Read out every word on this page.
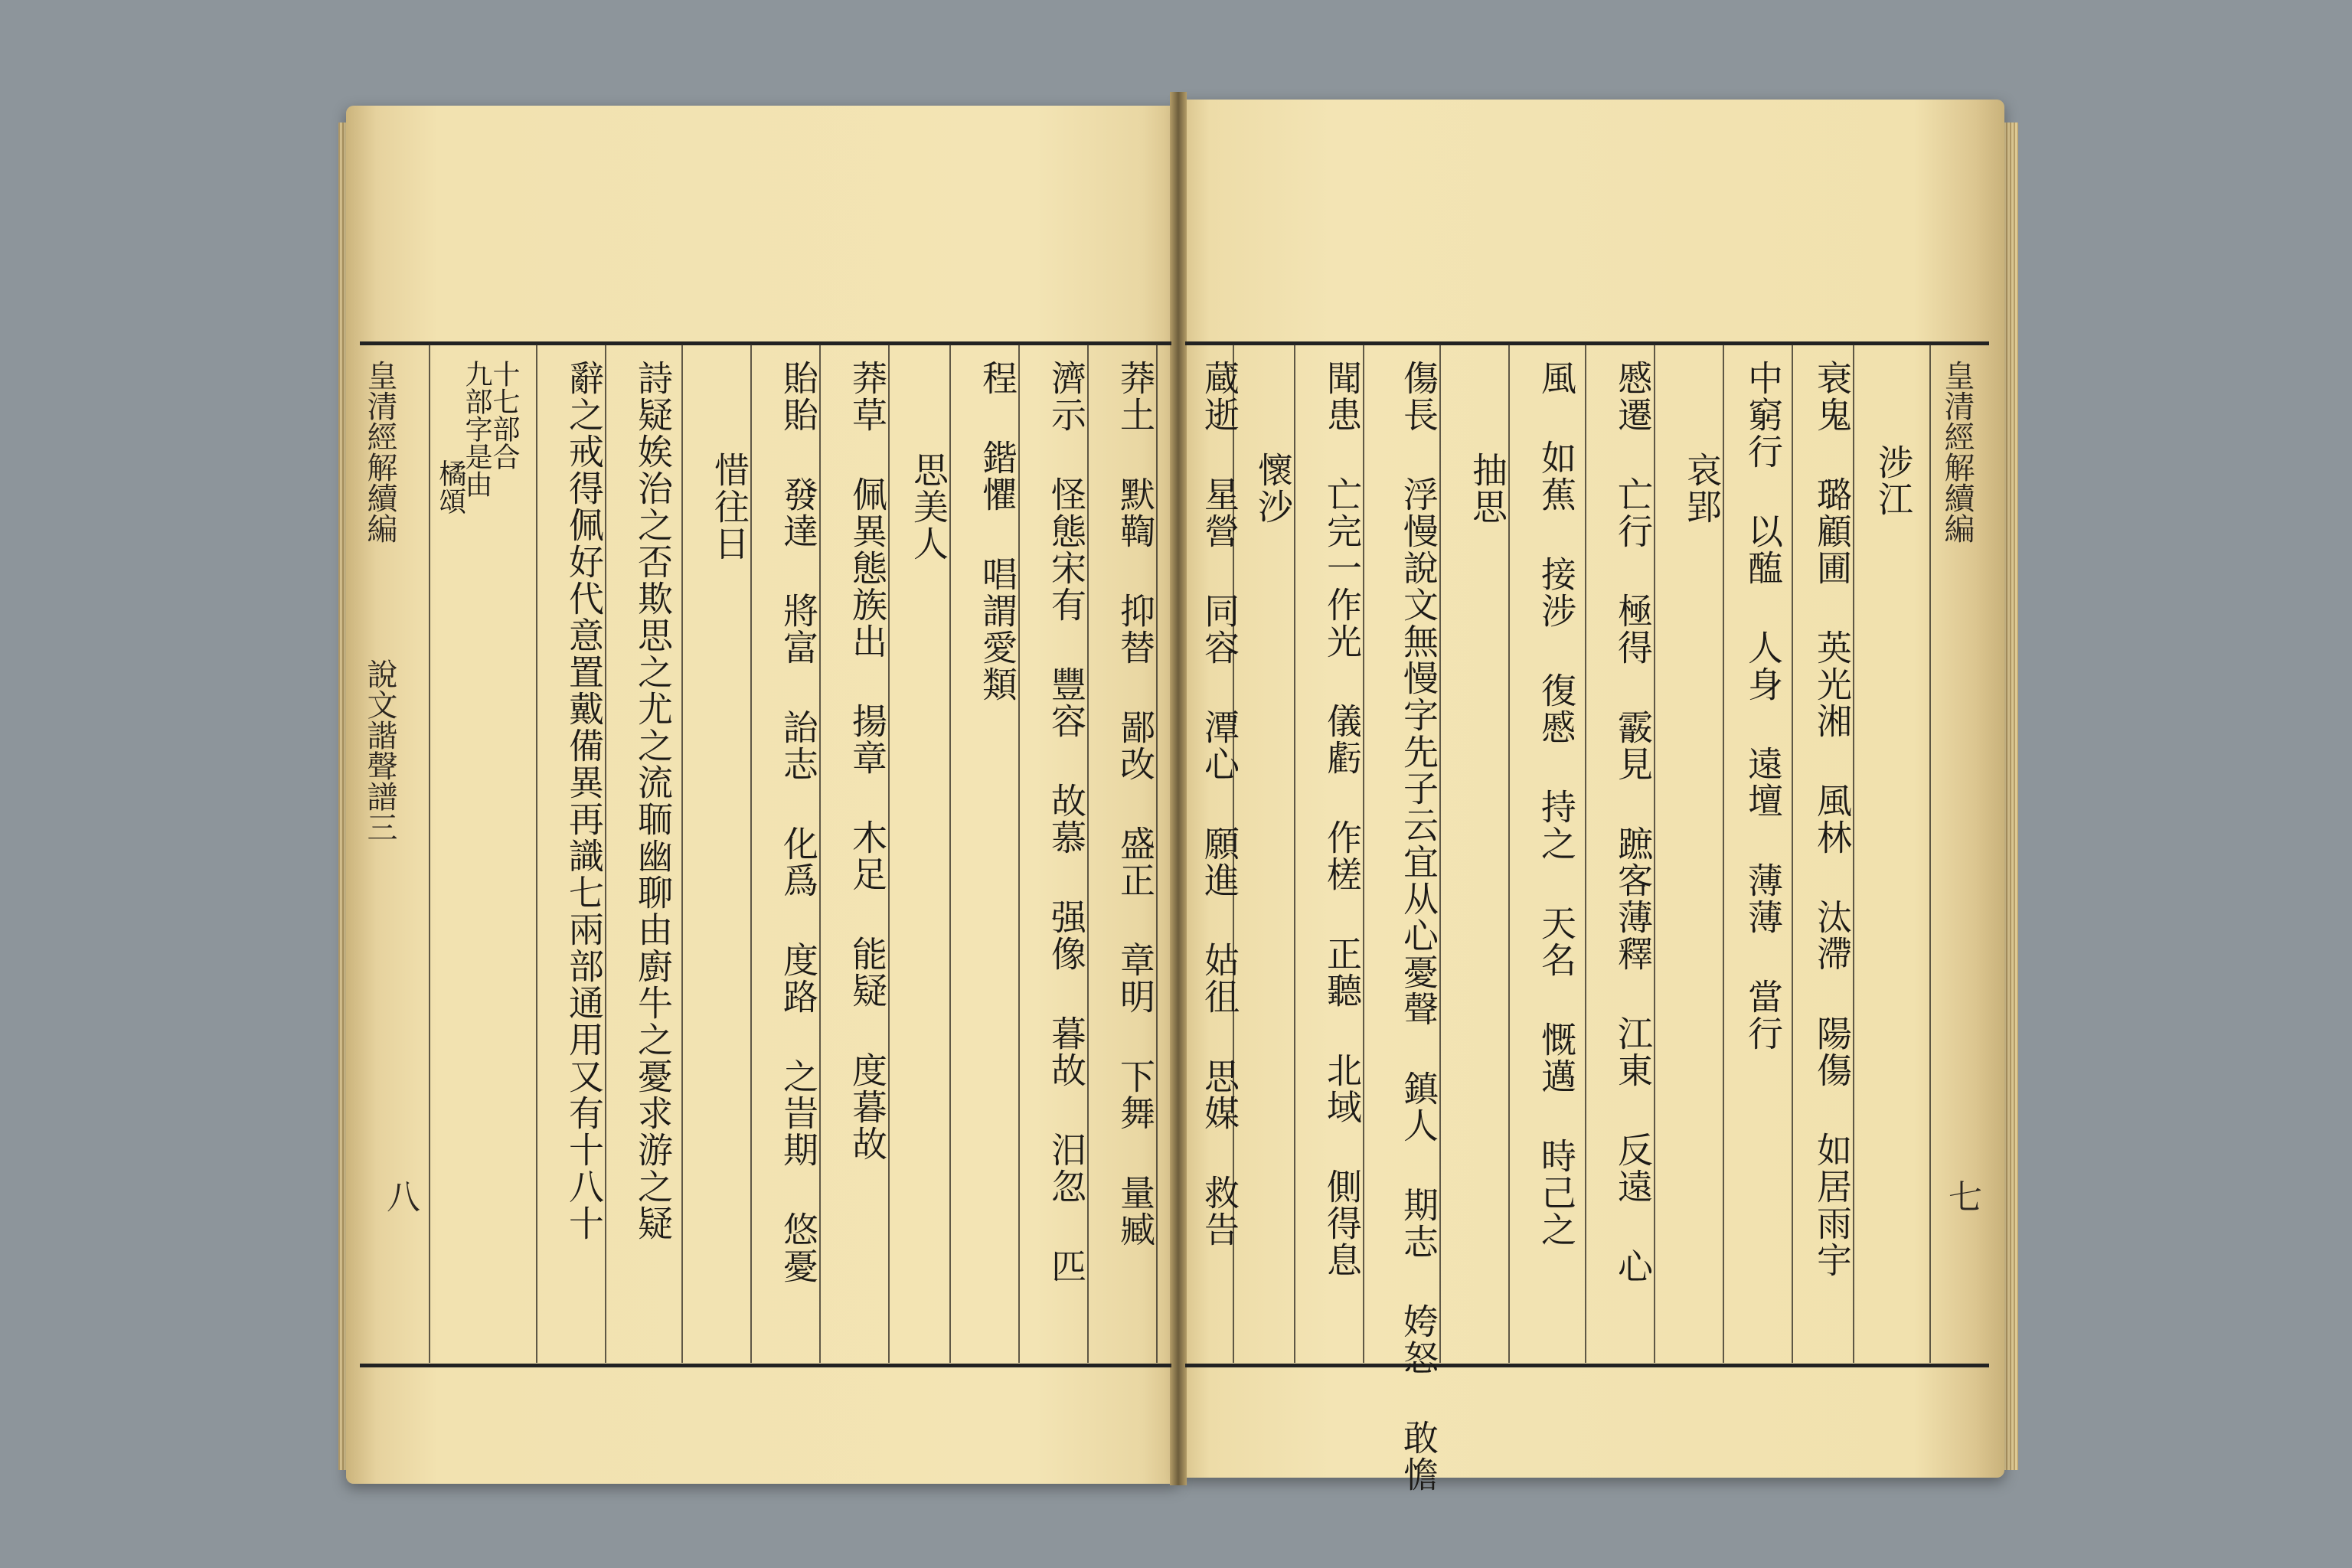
皇清經解續編
說文諧聲譜三
八
皇清經解續編
七
十七部合
九部字是由
橘頌	辭之戒得佩好代意置戴備異再識七兩部通用又有十八十 詩疑娭治之否欺思之尤之流聏幽聊由廚牛之憂求游之疑 惜往日 貽貽 發達 將富 詒志 化爲 度路 之旹期 悠憂 莽草 佩異態族出 揚章 木足 能疑 度暮故 思美人 程 鍇懼 唱謂愛類 濟示 怪態宋有 豐容 故慕 强像 暮故 汨忽 匹 莽土 默鞫 抑替 鄙改 盛正 章明 下舞 量臧	涉江
衰鬼 璐顧圃 英光湘 風林 汰滯 陽傷 如居雨宇
中窮行 以醢 人身 遠壇 薄薄 當行
哀郢
慼遷 亡行 極得 霰見 蹠客薄釋 江東 反遠 心
風 如蕉 接涉 復慼 持之 天名 慨邁 時己之
抽思
傷長 浮慢說文無慢字先子云宜从心憂聲 鎮人 期志 姱怒 敢憺
聞患 亡完一作光 儀虧 作槎 正聽 北域 側得息
懷沙
蔵逝 星營 同容 潭心 願進 姑徂 思媒 救告
